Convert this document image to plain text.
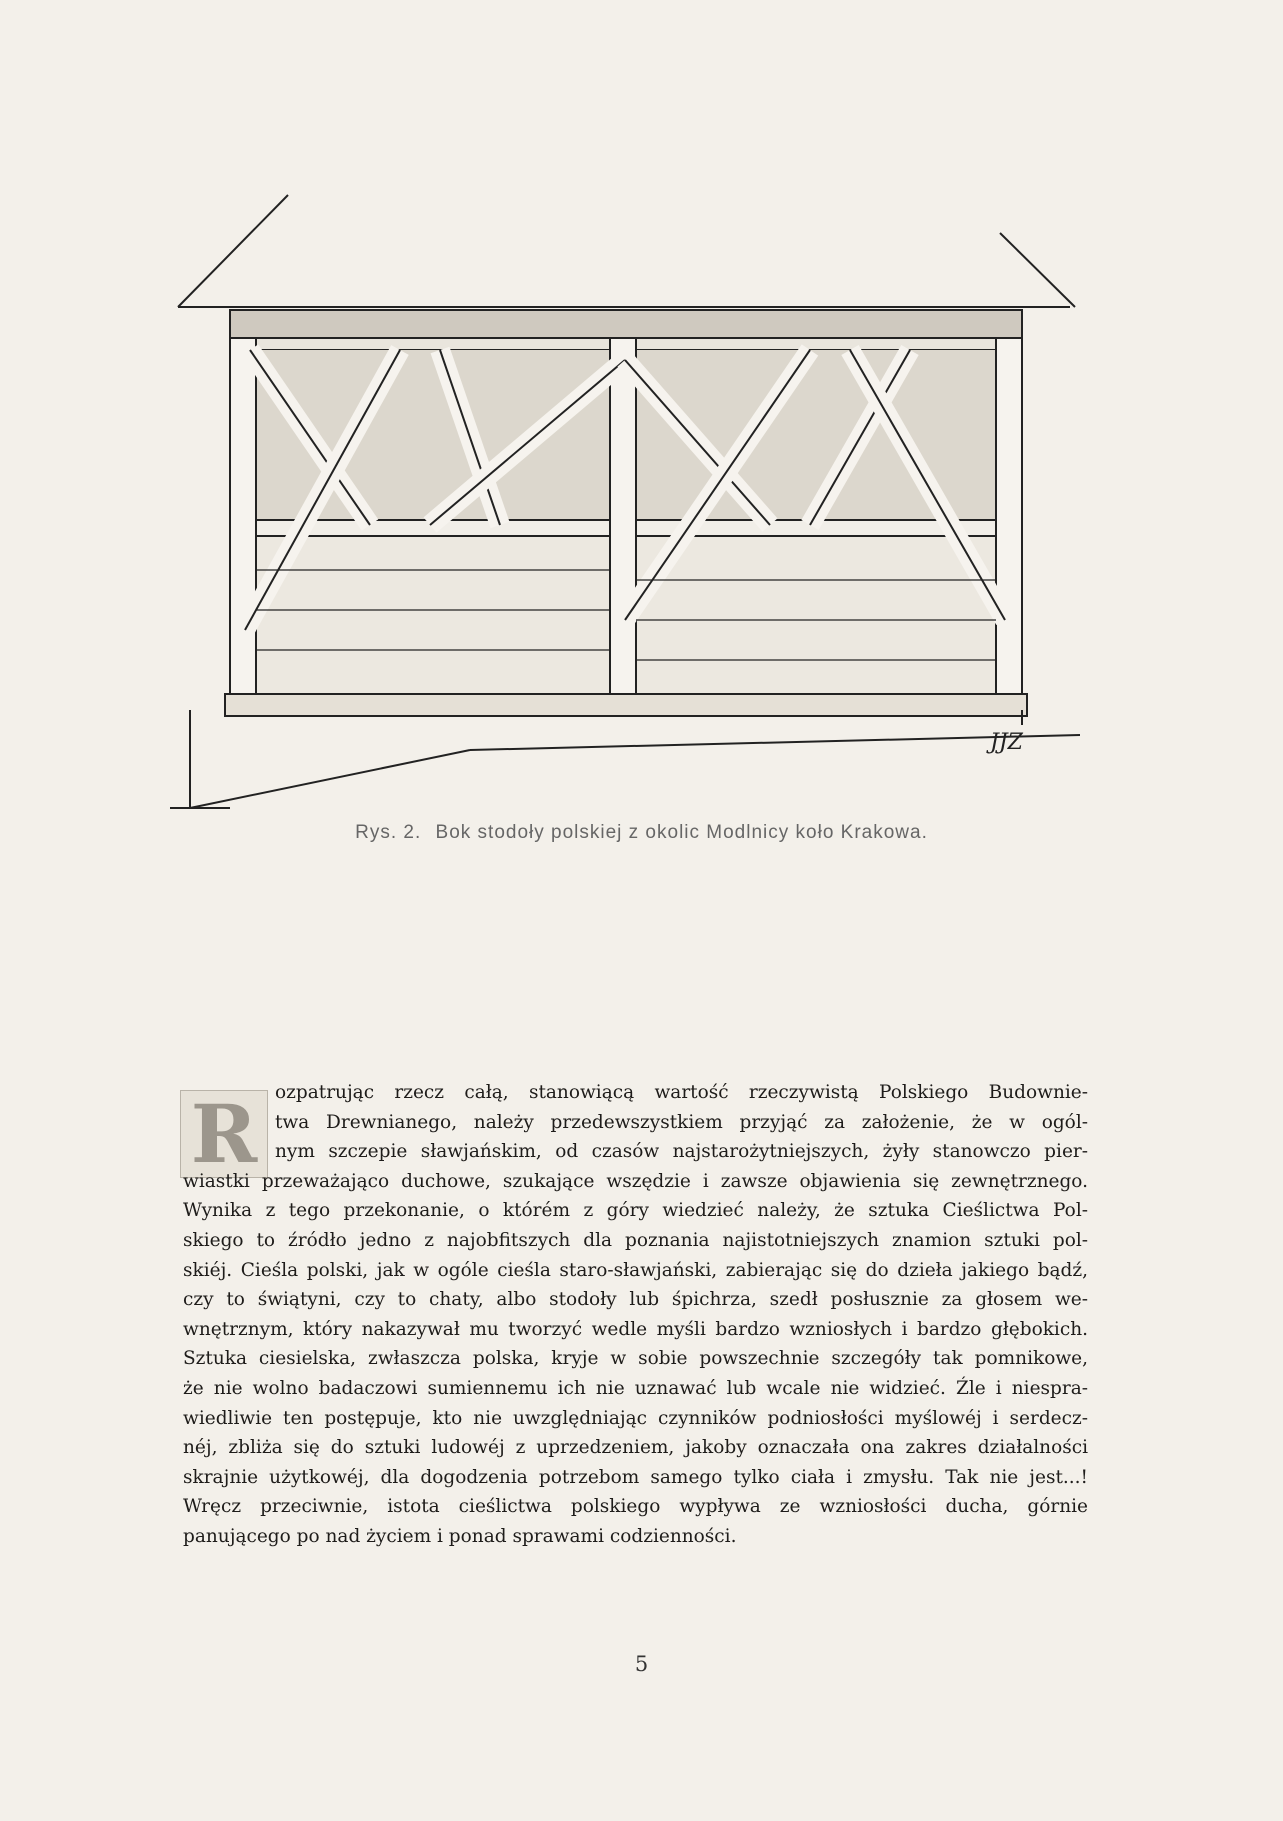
JJZ
Rys. 2. Bok stodoły polskiej z okolic Modlnicy koło Krakowa.
R ozpatrując rzecz całą, stanowiącą wartość rzeczywistą Polskiego Budownie-
twa Drewnianego, należy przedewszystkiem przyjąć za założenie, że w ogól-
nym szczepie sławjańskim, od czasów najstarożytniejszych, żyły stanowczo pier-
wiastki przeważająco duchowe, szukające wszędzie i zawsze objawienia się zewnętrznego.
Wynika z tego przekonanie, o którém z góry wiedzieć należy, że sztuka Cieślictwa Pol-
skiego to źródło jedno z najobfitszych dla poznania najistotniejszych znamion sztuki pol-
skiéj. Cieśla polski, jak w ogóle cieśla staro-sławjański, zabierając się do dzieła jakiego bądź,
czy to świątyni, czy to chaty, albo stodoły lub śpichrza, szedł posłusznie za głosem we-
wnętrznym, który nakazywał mu tworzyć wedle myśli bardzo wzniosłych i bardzo głębokich.
Sztuka ciesielska, zwłaszcza polska, kryje w sobie powszechnie szczegóły tak pomnikowe,
że nie wolno badaczowi sumiennemu ich nie uznawać lub wcale nie widzieć. Źle i niespra-
wiedliwie ten postępuje, kto nie uwzględniając czynników podniosłości myślowéj i serdecz-
néj, zbliża się do sztuki ludowéj z uprzedzeniem, jakoby oznaczała ona zakres działalności
skrajnie użytkowéj, dla dogodzenia potrzebom samego tylko ciała i zmysłu. Tak nie jest...!
Wręcz przeciwnie, istota cieślictwa polskiego wypływa ze wzniosłości ducha, górnie
panującego po nad życiem i ponad sprawami codzienności.
5
